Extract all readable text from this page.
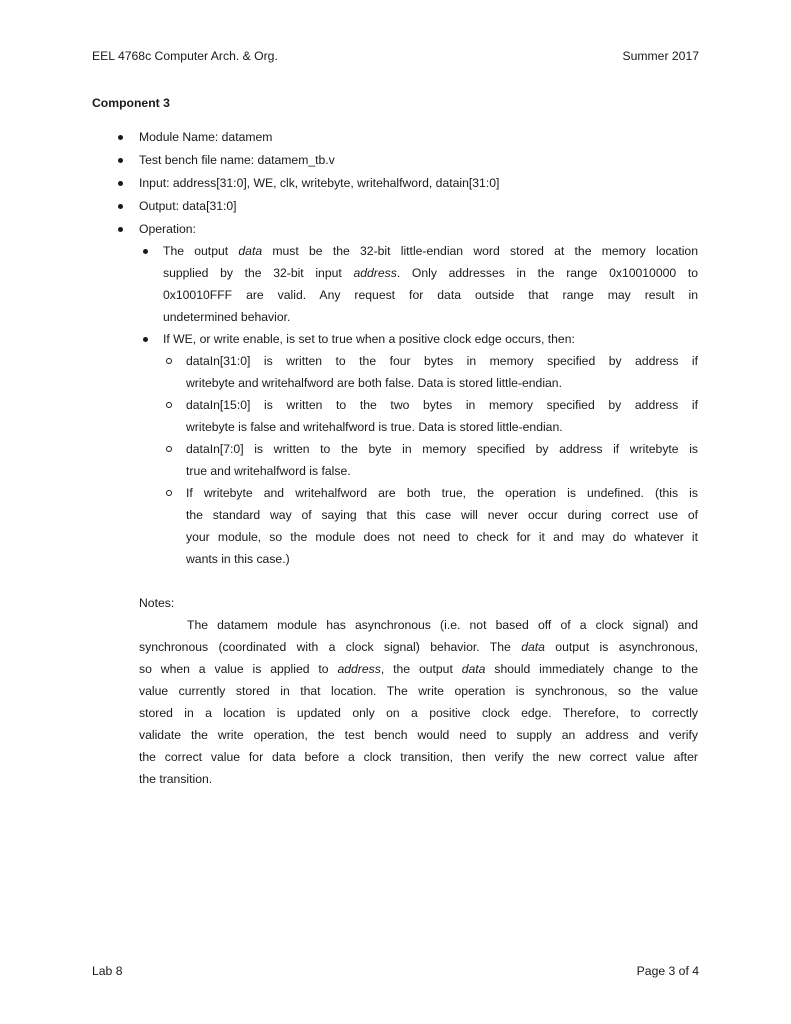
EEL 4768c Computer Arch. & Org.	Summer 2017
Component 3
Module Name: datamem
Test bench file name: datamem_tb.v
Input: address[31:0], WE, clk, writebyte, writehalfword, datain[31:0]
Output: data[31:0]
Operation:
The output data must be the 32-bit little-endian word stored at the memory location
supplied by the 32-bit input address. Only addresses in the range 0x10010000 to
0x10010FFF are valid. Any request for data outside that range may result in
undetermined behavior.
If WE, or write enable, is set to true when a positive clock edge occurs, then:
dataIn[31:0] is written to the four bytes in memory specified by address if
writebyte and writehalfword are both false. Data is stored little-endian.
dataIn[15:0] is written to the two bytes in memory specified by address if
writebyte is false and writehalfword is true. Data is stored little-endian.
dataIn[7:0] is written to the byte in memory specified by address if writebyte is
true and writehalfword is false.
If writebyte and writehalfword are both true, the operation is undefined. (this is
the standard way of saying that this case will never occur during correct use of
your module, so the module does not need to check for it and may do whatever it
wants in this case.)
Notes:
The datamem module has asynchronous (i.e. not based off of a clock signal) and
synchronous (coordinated with a clock signal) behavior. The data output is asynchronous,
so when a value is applied to address, the output data should immediately change to the
value currently stored in that location. The write operation is synchronous, so the value
stored in a location is updated only on a positive clock edge. Therefore, to correctly
validate the write operation, the test bench would need to supply an address and verify
the correct value for data before a clock transition, then verify the new correct value after
the transition.
Lab 8	Page 3 of 4
